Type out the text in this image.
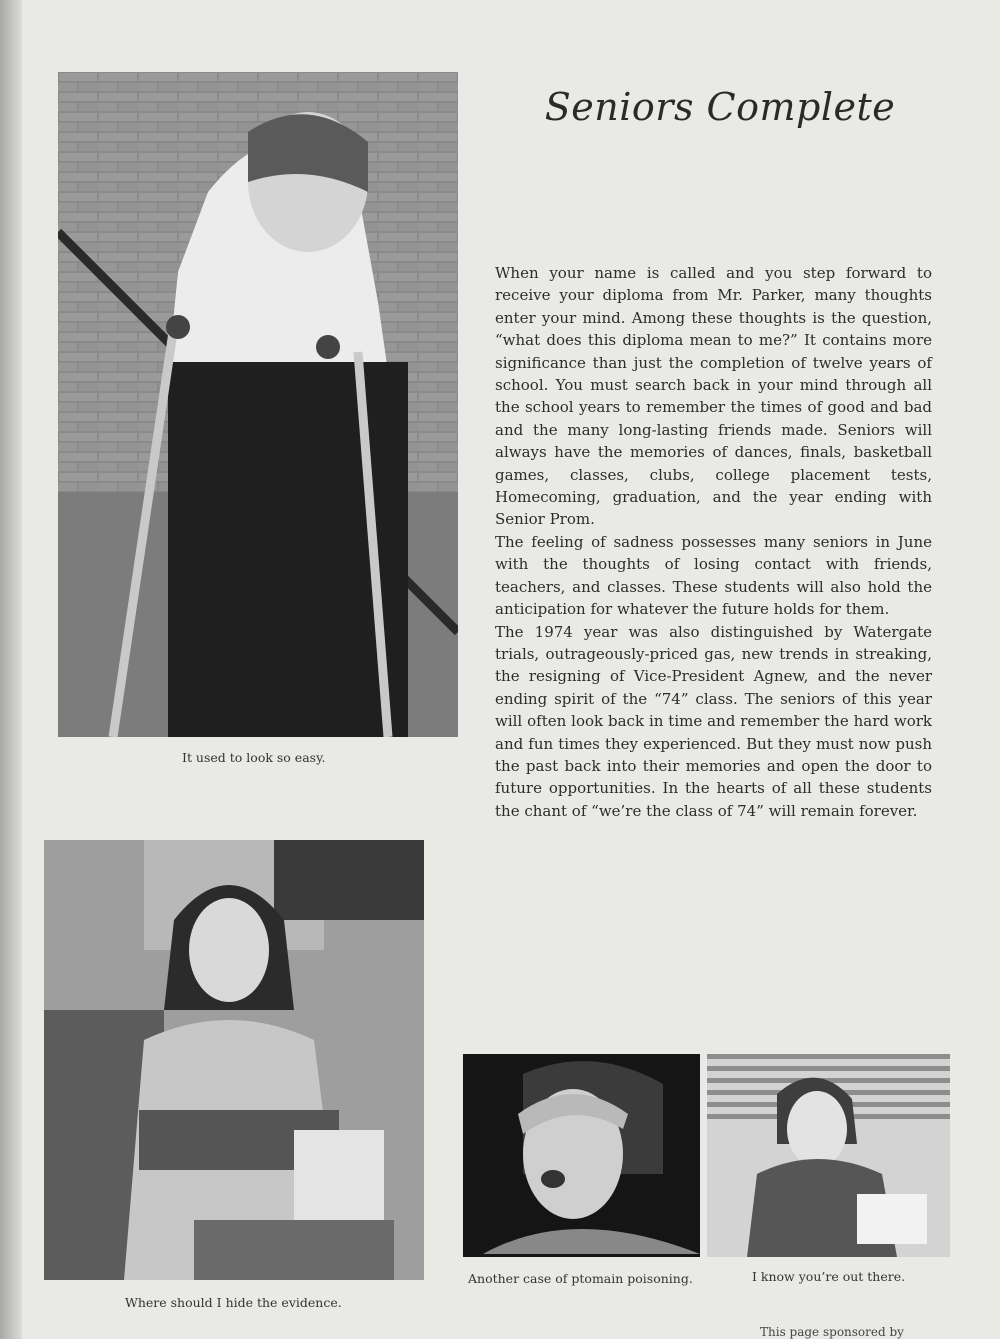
It used to look so easy.
Where should I hide the evidence.
Another case of ptomain poisoning.	I know you’re out there.
Seniors Complete

When your name is called and you step forward to receive your diploma from Mr. Parker, many thoughts enter your mind. Among these thoughts is the question, “what does this diploma mean to me?” It contains more significance than just the completion of twelve years of school. You must search back in your mind through all the school years to remember the times of good and bad and the many long-lasting friends made. Seniors will always have the memories of dances, finals, basketball games, classes, clubs, college placement tests, Homecoming, graduation, and the year ending with Senior Prom.

The feeling of sadness possesses many seniors in June with the thoughts of losing contact with friends, teachers, and classes. These students will also hold the anticipation for whatever the future holds for them.

The 1974 year was also distinguished by Watergate trials, outrageously-priced gas, new trends in streaking, the resigning of Vice-President Agnew, and the never ending spirit of the “74” class. The seniors of this year will often look back in time and remember the hard work and fun times they experienced. But they must now push the past back into their memories and open the door to future opportunities. In the hearts of all these students the chant of “we’re the class of 74” will remain forever.

This page sponsored by
